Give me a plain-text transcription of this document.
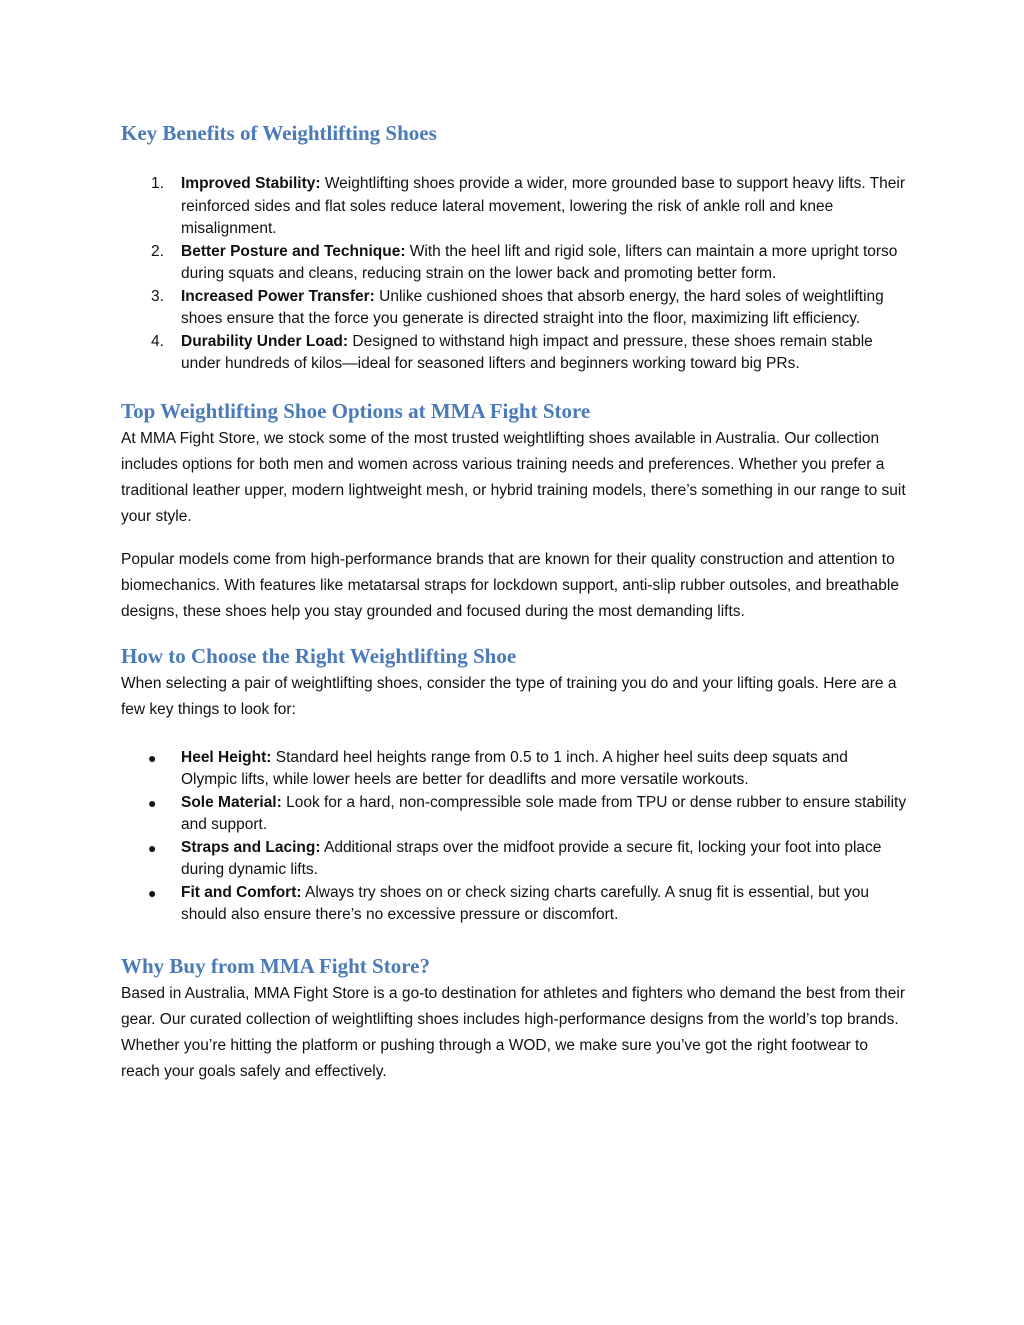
Key Benefits of Weightlifting Shoes
1. Improved Stability: Weightlifting shoes provide a wider, more grounded base to support heavy lifts. Their reinforced sides and flat soles reduce lateral movement, lowering the risk of ankle roll and knee misalignment.
2. Better Posture and Technique: With the heel lift and rigid sole, lifters can maintain a more upright torso during squats and cleans, reducing strain on the lower back and promoting better form.
3. Increased Power Transfer: Unlike cushioned shoes that absorb energy, the hard soles of weightlifting shoes ensure that the force you generate is directed straight into the floor, maximizing lift efficiency.
4. Durability Under Load: Designed to withstand high impact and pressure, these shoes remain stable under hundreds of kilos—ideal for seasoned lifters and beginners working toward big PRs.
Top Weightlifting Shoe Options at MMA Fight Store

At MMA Fight Store, we stock some of the most trusted weightlifting shoes available in Australia. Our collection includes options for both men and women across various training needs and preferences. Whether you prefer a traditional leather upper, modern lightweight mesh, or hybrid training models, there’s something in our range to suit your style.

Popular models come from high-performance brands that are known for their quality construction and attention to biomechanics. With features like metatarsal straps for lockdown support, anti-slip rubber outsoles, and breathable designs, these shoes help you stay grounded and focused during the most demanding lifts.

How to Choose the Right Weightlifting Shoe

When selecting a pair of weightlifting shoes, consider the type of training you do and your lifting goals. Here are a few key things to look for:

● Heel Height: Standard heel heights range from 0.5 to 1 inch. A higher heel suits deep squats and Olympic lifts, while lower heels are better for deadlifts and more versatile workouts.
● Sole Material: Look for a hard, non-compressible sole made from TPU or dense rubber to ensure stability and support.
● Straps and Lacing: Additional straps over the midfoot provide a secure fit, locking your foot into place during dynamic lifts.
● Fit and Comfort: Always try shoes on or check sizing charts carefully. A snug fit is essential, but you should also ensure there’s no excessive pressure or discomfort.
Why Buy from MMA Fight Store?

Based in Australia, MMA Fight Store is a go-to destination for athletes and fighters who demand the best from their gear. Our curated collection of weightlifting shoes includes high-performance designs from the world’s top brands. Whether you’re hitting the platform or pushing through a WOD, we make sure you’ve got the right footwear to reach your goals safely and effectively.
